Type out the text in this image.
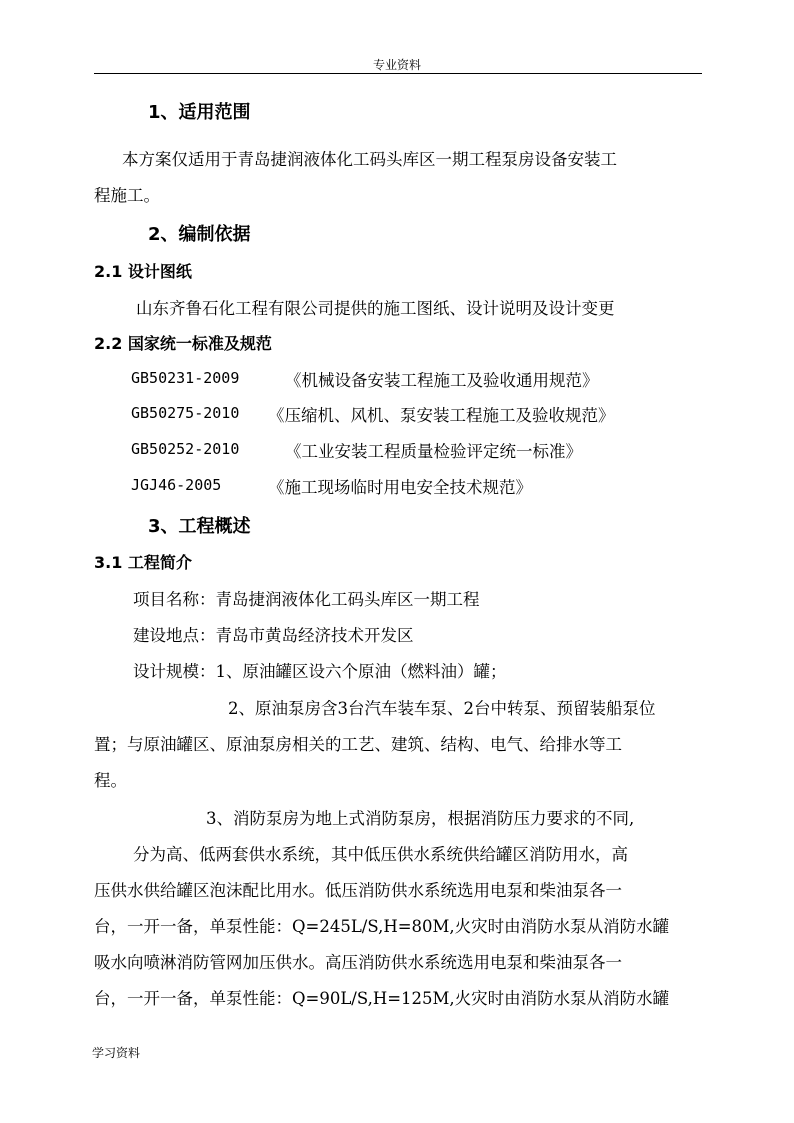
专业资料
1、适用范围
本方案仅适用于青岛捷润液体化工码头库区一期工程泵房设备安装工
程施工。
2、编制依据
2.1 设计图纸
山东齐鲁石化工程有限公司提供的施工图纸、设计说明及设计变更
2.2 国家统一标准及规范
GB50231-2009	《机械设备安装工程施工及验收通用规范》
GB50275-2010 《压缩机、风机、泵安装工程施工及验收规范》
GB50252-2010	《工业安装工程质量检验评定统一标准》
JGJ46-2005	《施工现场临时用电安全技术规范》
3、工程概述
3.1 工程简介
项目名称：青岛捷润液体化工码头库区一期工程
建设地点：青岛市黄岛经济技术开发区
设计规模：1、原油罐区设六个原油（燃料油）罐；
2、原油泵房含3台汽车装车泵、2台中转泵、预留装船泵位
置；与原油罐区、原油泵房相关的工艺、建筑、结构、电气、给排水等工
程。
3、消防泵房为地上式消防泵房，根据消防压力要求的不同,
分为高、低两套供水系统，其中低压供水系统供给罐区消防用水，高
压供水供给罐区泡沫配比用水。低压消防供水系统选用电泵和柴油泵各一
台，一开一备，单泵性能：Q=245L/S,H=80M,火灾时由消防水泵从消防水罐
吸水向喷淋消防管网加压供水。高压消防供水系统选用电泵和柴油泵各一
台，一开一备，单泵性能：Q=90L/S,H=125M,火灾时由消防水泵从消防水罐
学习资料
